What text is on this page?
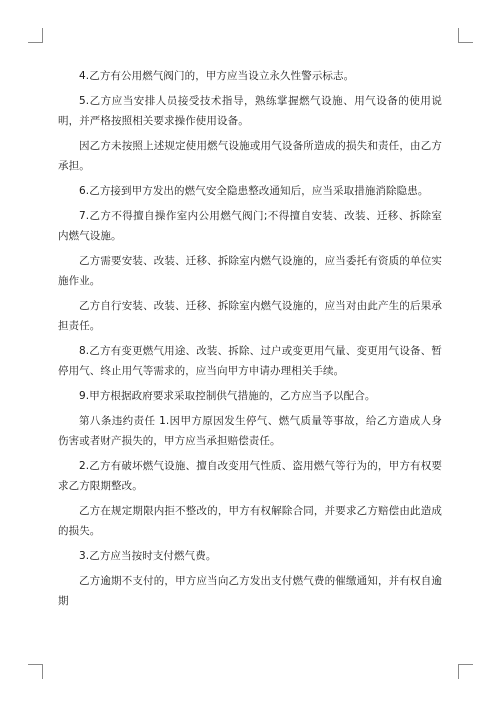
4.乙方有公用燃气阀门的，甲方应当设立永久性警示标志。

5.乙方应当安排人员接受技术指导，熟练掌握燃气设施、用气设备的使用说明，并严格按照相关要求操作使用设备。

因乙方未按照上述规定使用燃气设施或用气设备所造成的损失和责任，由乙方承担。

6.乙方接到甲方发出的燃气安全隐患整改通知后，应当采取措施消除隐患。

7.乙方不得擅自操作室内公用燃气阀门;不得擅自安装、改装、迁移、拆除室内燃气设施。

乙方需要安装、改装、迁移、拆除室内燃气设施的，应当委托有资质的单位实施作业。

乙方自行安装、改装、迁移、拆除室内燃气设施的，应当对由此产生的后果承担责任。

8.乙方有变更燃气用途、改装、拆除、过户或变更用气量、变更用气设备、暂停用气、终止用气等需求的，应当向甲方申请办理相关手续。

9.甲方根据政府要求采取控制供气措施的，乙方应当予以配合。

第八条违约责任 1.因甲方原因发生停气、燃气质量等事故，给乙方造成人身伤害或者财产损失的，甲方应当承担赔偿责任。

2.乙方有破坏燃气设施、擅自改变用气性质、盗用燃气等行为的，甲方有权要求乙方限期整改。

乙方在规定期限内拒不整改的，甲方有权解除合同，并要求乙方赔偿由此造成的损失。

3.乙方应当按时支付燃气费。

乙方逾期不支付的，甲方应当向乙方发出支付燃气费的催缴通知，并有权自逾期
